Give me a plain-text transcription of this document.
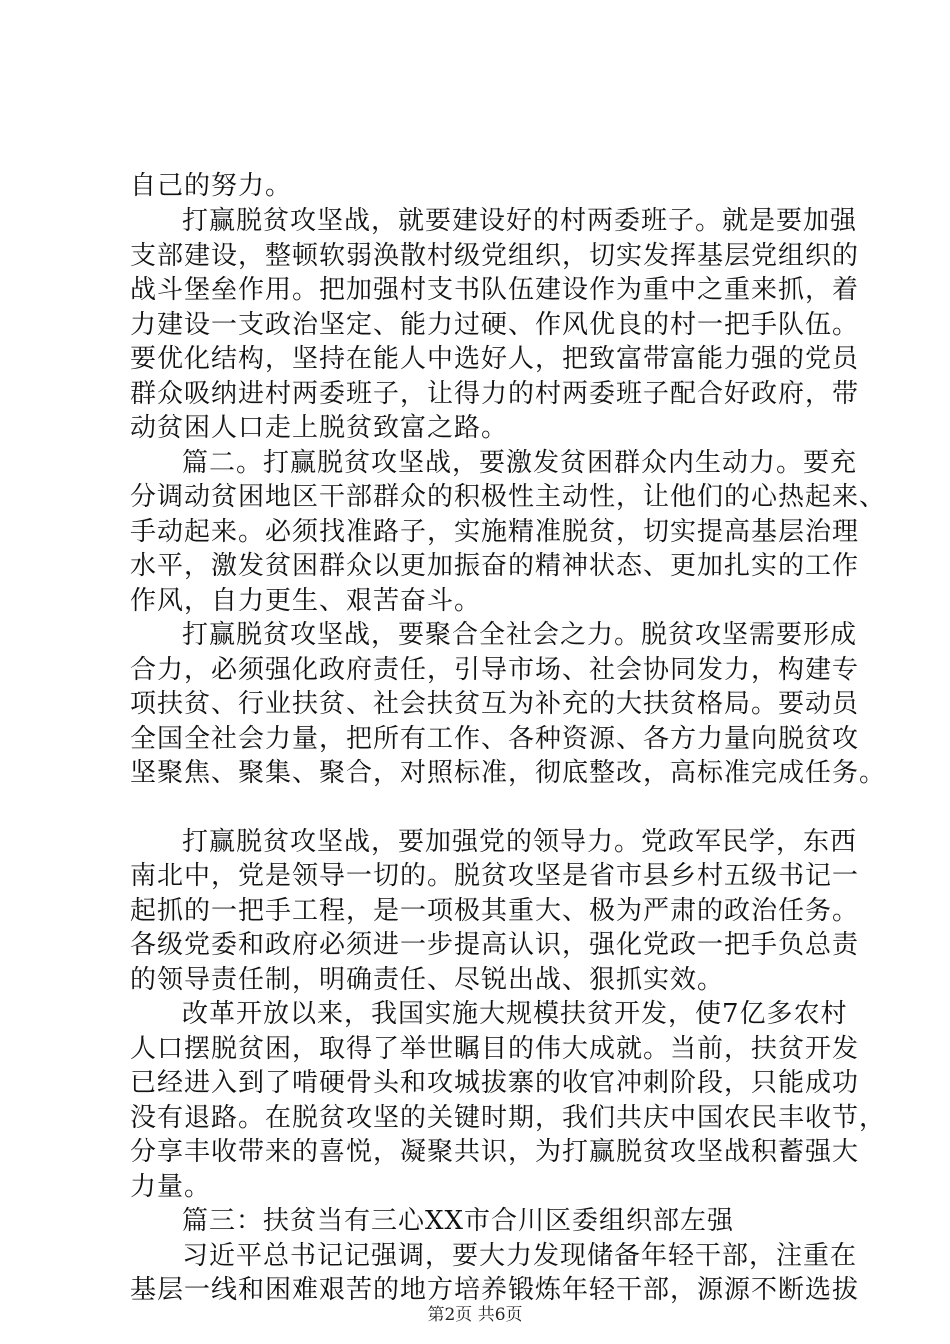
自己的努力。
打赢脱贫攻坚战，就要建设好的村两委班子。就是要加强
支部建设，整顿软弱涣散村级党组织，切实发挥基层党组织的
战斗堡垒作用。把加强村支书队伍建设作为重中之重来抓，着
力建设一支政治坚定、能力过硬、作风优良的村一把手队伍。
要优化结构，坚持在能人中选好人，把致富带富能力强的党员
群众吸纳进村两委班子，让得力的村两委班子配合好政府，带
动贫困人口走上脱贫致富之路。
篇二。打赢脱贫攻坚战，要激发贫困群众内生动力。要充
分调动贫困地区干部群众的积极性主动性，让他们的心热起来、
手动起来。必须找准路子，实施精准脱贫，切实提高基层治理
水平，激发贫困群众以更加振奋的精神状态、更加扎实的工作
作风，自力更生、艰苦奋斗。
打赢脱贫攻坚战，要聚合全社会之力。脱贫攻坚需要形成
合力，必须强化政府责任，引导市场、社会协同发力，构建专
项扶贫、行业扶贫、社会扶贫互为补充的大扶贫格局。要动员
全国全社会力量，把所有工作、各种资源、各方力量向脱贫攻
坚聚焦、聚集、聚合，对照标准，彻底整改，高标准完成任务。
打赢脱贫攻坚战，要加强党的领导力。党政军民学，东西
南北中，党是领导一切的。脱贫攻坚是省市县乡村五级书记一
起抓的一把手工程，是一项极其重大、极为严肃的政治任务。
各级党委和政府必须进一步提高认识，强化党政一把手负总责
的领导责任制，明确责任、尽锐出战、狠抓实效。
改革开放以来，我国实施大规模扶贫开发，使7亿多农村
人口摆脱贫困，取得了举世瞩目的伟大成就。当前，扶贫开发
已经进入到了啃硬骨头和攻城拔寨的收官冲刺阶段，只能成功
没有退路。在脱贫攻坚的关键时期，我们共庆中国农民丰收节，
分享丰收带来的喜悦，凝聚共识，为打赢脱贫攻坚战积蓄强大
力量。
篇三：扶贫当有三心XX市合川区委组织部左强
习近平总书记记强调，要大力发现储备年轻干部，注重在
基层一线和困难艰苦的地方培养锻炼年轻干部，源源不断选拔
第2页 共6页
